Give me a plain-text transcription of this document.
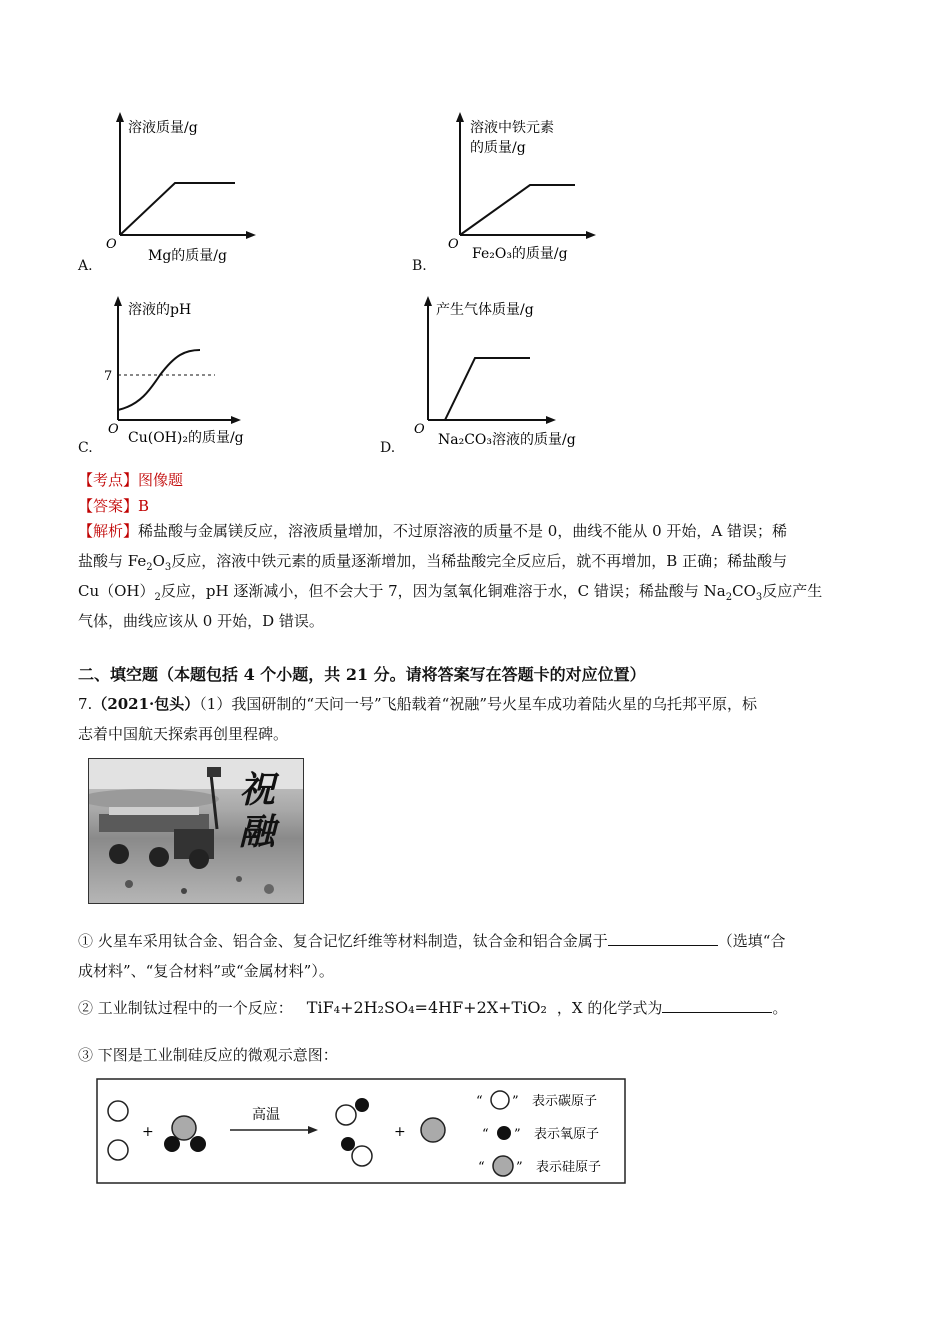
溶液质量/g
O
Mg的质量/g
A.
溶液中铁元素
的质量/g
O
Fe₂O₃的质量/g
B.
溶液的pH
7
O
Cu(OH)₂的质量/g
C.
产生气体质量/g
O
Na₂CO₃溶液的质量/g
D.
【考点】图像题
【答案】B
【解析】稀盐酸与金属镁反应，溶液质量增加，不过原溶液的质量不是 0，曲线不能从 0 开始，A 错误；稀
盐酸与 $Fe_2O_3$反应，溶液中铁元素的质量逐渐增加，当稀盐酸完全反应后，就不再增加，B 正确；稀盐酸与
$Cu(OH)_2$反应，pH 逐渐减小，但不会大于 7，因为氢氧化铜难溶于水，C 错误；稀盐酸与 $Na_2CO_3$反应产生
气体，曲线应该从 0 开始，D 错误。
二、填空题（本题包括 4 个小题，共 21 分。请将答案写在答题卡的对应位置）
7.（2021·包头）（1）我国研制的“天问一号”飞船载着“祝融”号火星车成功着陆火星的乌托邦平原，标
志着中国航天探索再创里程碑。
祝融
① 火星车采用钛合金、铝合金、复合记忆纤维等材料制造，钛合金和铝合金属于	（选填“合
成材料”、“复合材料”或“金属材料”）。
② 工业制钛过程中的一个反应： TiF₄+2H₂SO₄=4HF+2X+TiO₂ ，X 的化学式为	。
③ 下图是工业制硅反应的微观示意图：
+
高温
+
“ ” 表示碳原子
“ ” 表示氧原子
“ ” 表示硅原子
